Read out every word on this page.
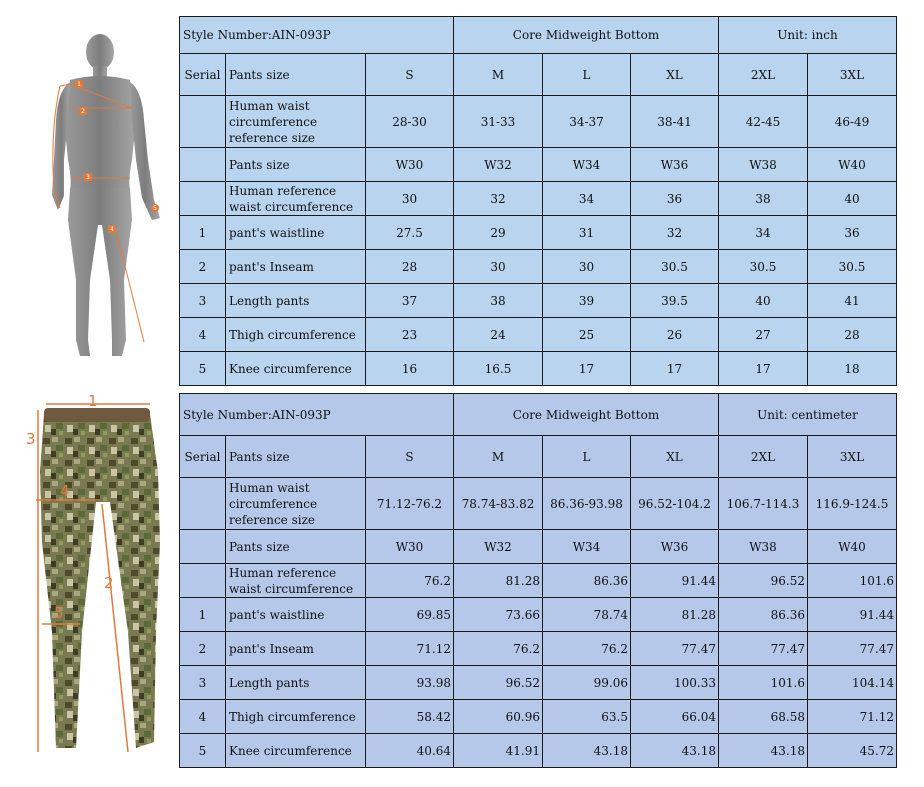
1
2
3
4
5
1
2
3
4
5
Style Number:AIN-093P			Core Midweight Bottom			Unit: inch	
Serial	Pants size	S	M	L	XL	2XL	3XL
	Human waist circumference reference size	28-30	31-33	34-37	38-41	42-45	46-49
	Pants size	W30	W32	W34	W36	W38	W40
	Human reference waist circumference	30	32	34	36	38	40
1	pant's waistline	27.5	29	31	32	34	36
2	pant's Inseam	28	30	30	30.5	30.5	30.5
3	Length pants	37	38	39	39.5	40	41
4	Thigh circumference	23	24	25	26	27	28
5	Knee circumference	16	16.5	17	17	17	18
Style Number:AIN-093P			Core Midweight Bottom			Unit: centimeter	
Serial	Pants size	S	M	L	XL	2XL	3XL
	Human waist circumference reference size	71.12-76.2	78.74-83.82	86.36-93.98	96.52-104.2	106.7-114.3	116.9-124.5
	Pants size	W30	W32	W34	W36	W38	W40
	Human reference waist circumference	76.2	81.28	86.36	91.44	96.52	101.6
1	pant's waistline	69.85	73.66	78.74	81.28	86.36	91.44
2	pant's Inseam	71.12	76.2	76.2	77.47	77.47	77.47
3	Length pants	93.98	96.52	99.06	100.33	101.6	104.14
4	Thigh circumference	58.42	60.96	63.5	66.04	68.58	71.12
5	Knee circumference	40.64	41.91	43.18	43.18	43.18	45.72
